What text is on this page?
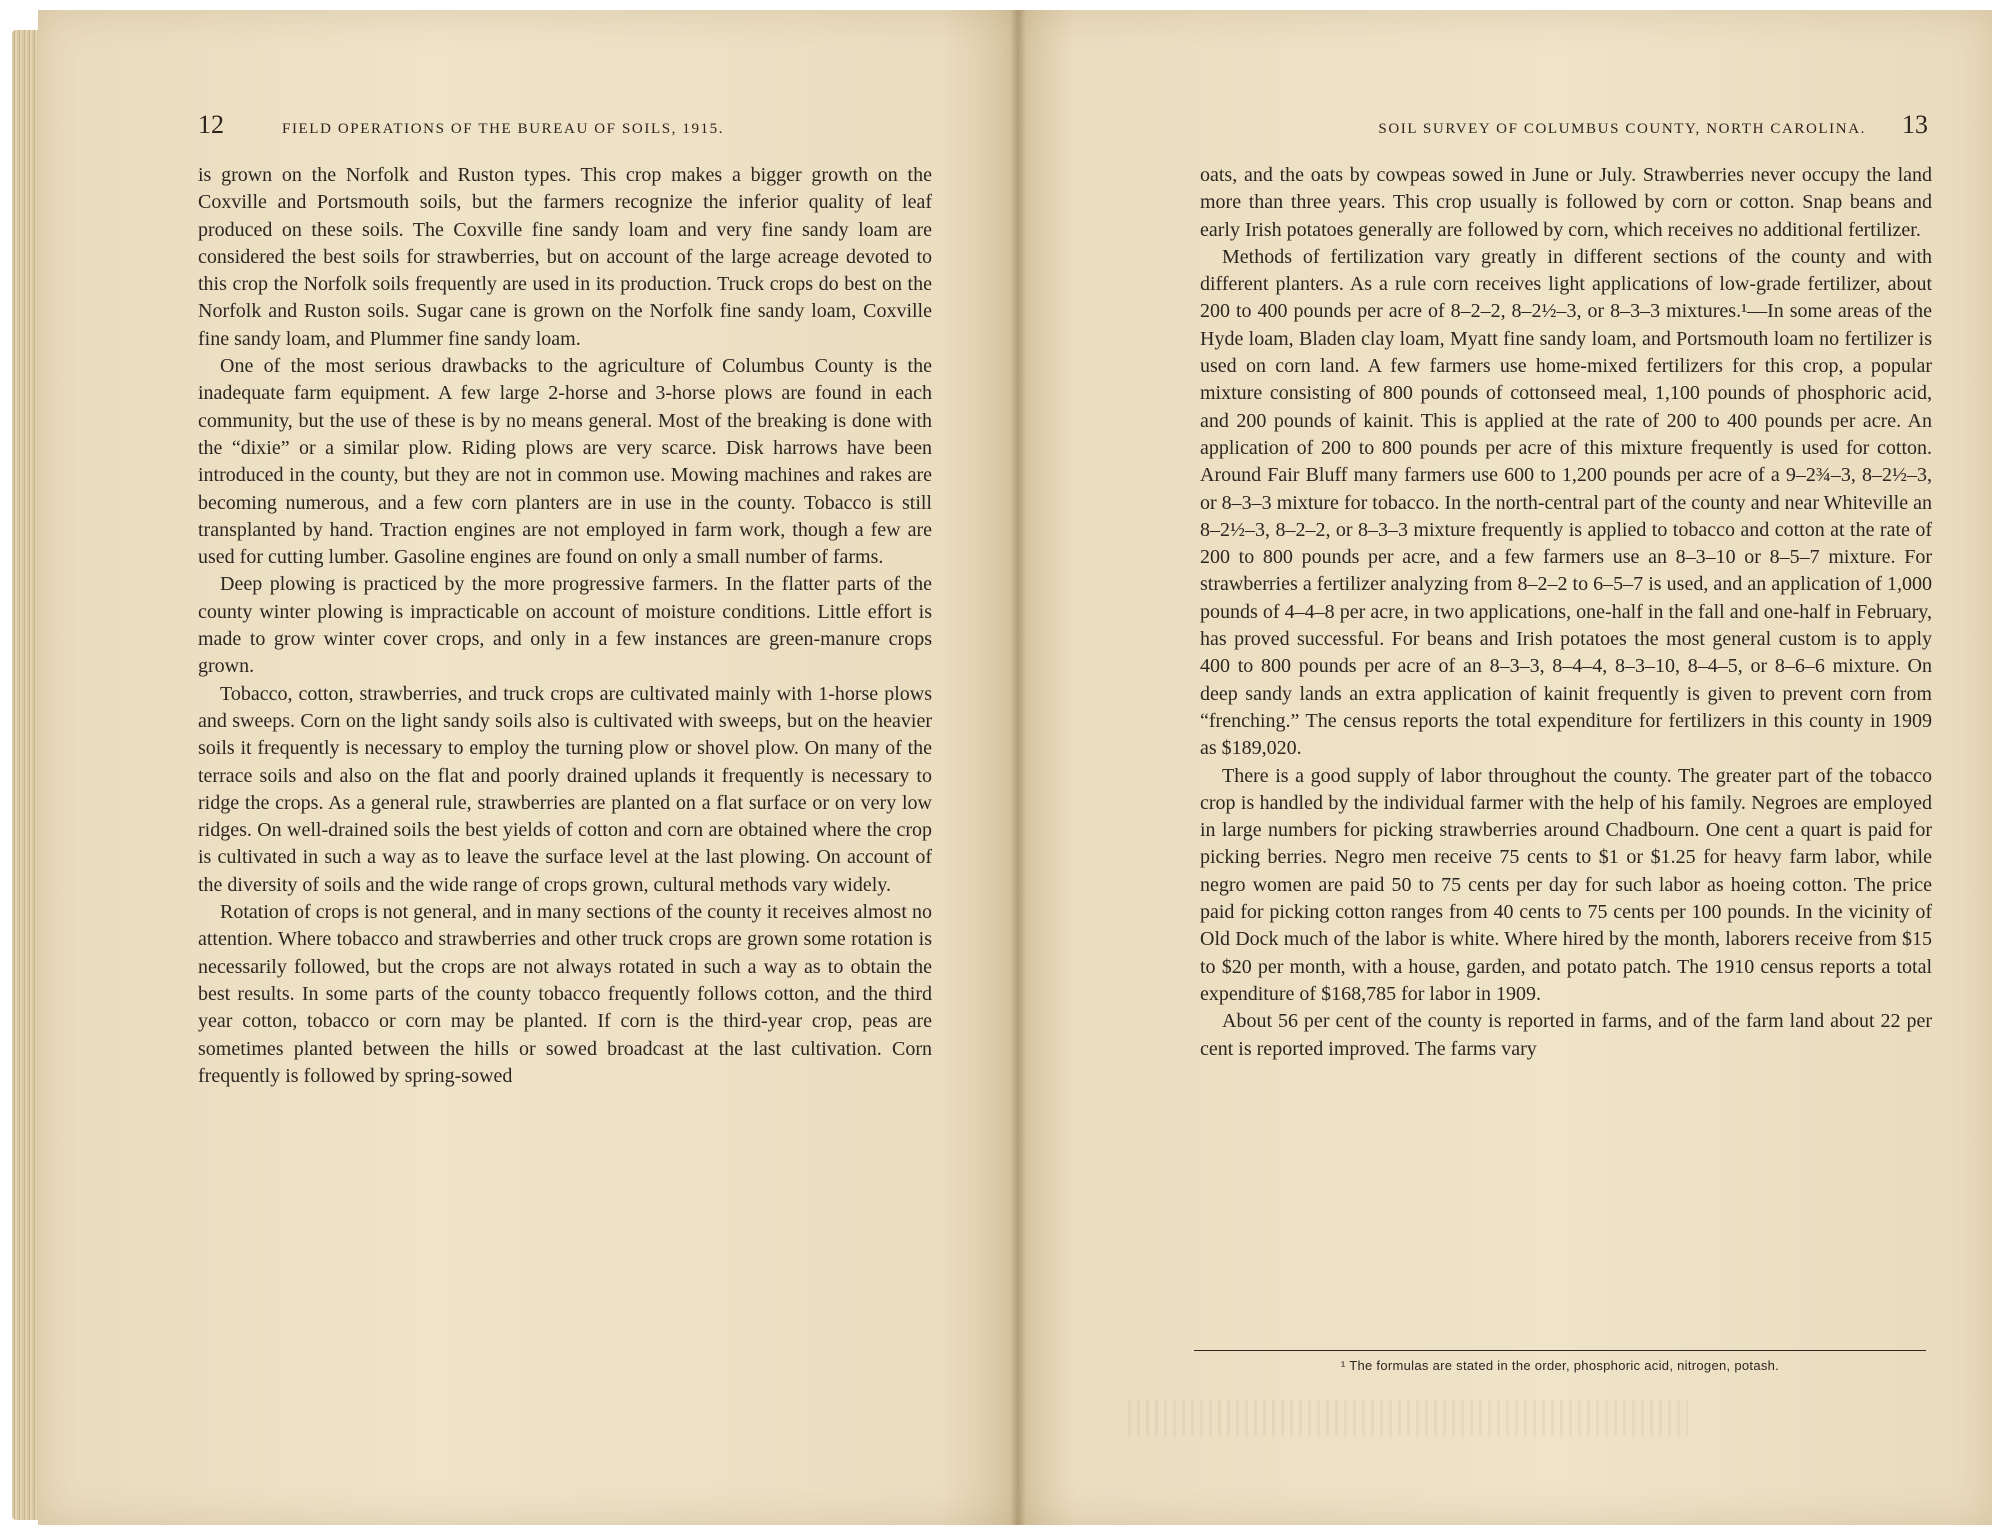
12	FIELD OPERATIONS OF THE BUREAU OF SOILS, 1915.

is grown on the Norfolk and Ruston types. This crop makes a bigger growth on the Coxville and Portsmouth soils, but the farmers recognize the inferior quality of leaf produced on these soils. The Coxville fine sandy loam and very fine sandy loam are considered the best soils for strawberries, but on account of the large acreage devoted to this crop the Norfolk soils frequently are used in its production. Truck crops do best on the Norfolk and Ruston soils. Sugar cane is grown on the Norfolk fine sandy loam, Coxville fine sandy loam, and Plummer fine sandy loam.

One of the most serious drawbacks to the agriculture of Columbus County is the inadequate farm equipment. A few large 2-horse and 3-horse plows are found in each community, but the use of these is by no means general. Most of the breaking is done with the “dixie” or a similar plow. Riding plows are very scarce. Disk harrows have been introduced in the county, but they are not in common use. Mowing machines and rakes are becoming numerous, and a few corn planters are in use in the county. Tobacco is still transplanted by hand. Traction engines are not employed in farm work, though a few are used for cutting lumber. Gasoline engines are found on only a small number of farms.

Deep plowing is practiced by the more progressive farmers. In the flatter parts of the county winter plowing is impracticable on account of moisture conditions. Little effort is made to grow winter cover crops, and only in a few instances are green-manure crops grown.

Tobacco, cotton, strawberries, and truck crops are cultivated mainly with 1-horse plows and sweeps. Corn on the light sandy soils also is cultivated with sweeps, but on the heavier soils it frequently is necessary to employ the turning plow or shovel plow. On many of the terrace soils and also on the flat and poorly drained uplands it frequently is necessary to ridge the crops. As a general rule, strawberries are planted on a flat surface or on very low ridges. On well-drained soils the best yields of cotton and corn are obtained where the crop is cultivated in such a way as to leave the surface level at the last plowing. On account of the diversity of soils and the wide range of crops grown, cultural methods vary widely.

Rotation of crops is not general, and in many sections of the county it receives almost no attention. Where tobacco and strawberries and other truck crops are grown some rotation is necessarily followed, but the crops are not always rotated in such a way as to obtain the best results. In some parts of the county tobacco frequently follows cotton, and the third year cotton, tobacco or corn may be planted. If corn is the third-year crop, peas are sometimes planted between the hills or sowed broadcast at the last cultivation. Corn frequently is followed by spring-sowed

SOIL SURVEY OF COLUMBUS COUNTY, NORTH CAROLINA. 13

oats, and the oats by cowpeas sowed in June or July. Strawberries never occupy the land more than three years. This crop usually is followed by corn or cotton. Snap beans and early Irish potatoes generally are followed by corn, which receives no additional fertilizer.

Methods of fertilization vary greatly in different sections of the county and with different planters. As a rule corn receives light applications of low-grade fertilizer, about 200 to 400 pounds per acre of 8–2–2, 8–2½–3, or 8–3–3 mixtures.¹—In some areas of the Hyde loam, Bladen clay loam, Myatt fine sandy loam, and Portsmouth loam no fertilizer is used on corn land. A few farmers use home-mixed fertilizers for this crop, a popular mixture consisting of 800 pounds of cottonseed meal, 1,100 pounds of phosphoric acid, and 200 pounds of kainit. This is applied at the rate of 200 to 400 pounds per acre. An application of 200 to 800 pounds per acre of this mixture frequently is used for cotton. Around Fair Bluff many farmers use 600 to 1,200 pounds per acre of a 9–2¾–3, 8–2½–3, or 8–3–3 mixture for tobacco. In the north-central part of the county and near Whiteville an 8–2½–3, 8–2–2, or 8–3–3 mixture frequently is applied to tobacco and cotton at the rate of 200 to 800 pounds per acre, and a few farmers use an 8–3–10 or 8–5–7 mixture. For strawberries a fertilizer analyzing from 8–2–2 to 6–5–7 is used, and an application of 1,000 pounds of 4–4–8 per acre, in two applications, one-half in the fall and one-half in February, has proved successful. For beans and Irish potatoes the most general custom is to apply 400 to 800 pounds per acre of an 8–3–3, 8–4–4, 8–3–10, 8–4–5, or 8–6–6 mixture. On deep sandy lands an extra application of kainit frequently is given to prevent corn from “frenching.” The census reports the total expenditure for fertilizers in this county in 1909 as $189,020.

There is a good supply of labor throughout the county. The greater part of the tobacco crop is handled by the individual farmer with the help of his family. Negroes are employed in large numbers for picking strawberries around Chadbourn. One cent a quart is paid for picking berries. Negro men receive 75 cents to $1 or $1.25 for heavy farm labor, while negro women are paid 50 to 75 cents per day for such labor as hoeing cotton. The price paid for picking cotton ranges from 40 cents to 75 cents per 100 pounds. In the vicinity of Old Dock much of the labor is white. Where hired by the month, laborers receive from $15 to $20 per month, with a house, garden, and potato patch. The 1910 census reports a total expenditure of $168,785 for labor in 1909.

About 56 per cent of the county is reported in farms, and of the farm land about 22 per cent is reported improved. The farms vary

¹ The formulas are stated in the order, phosphoric acid, nitrogen, potash.
